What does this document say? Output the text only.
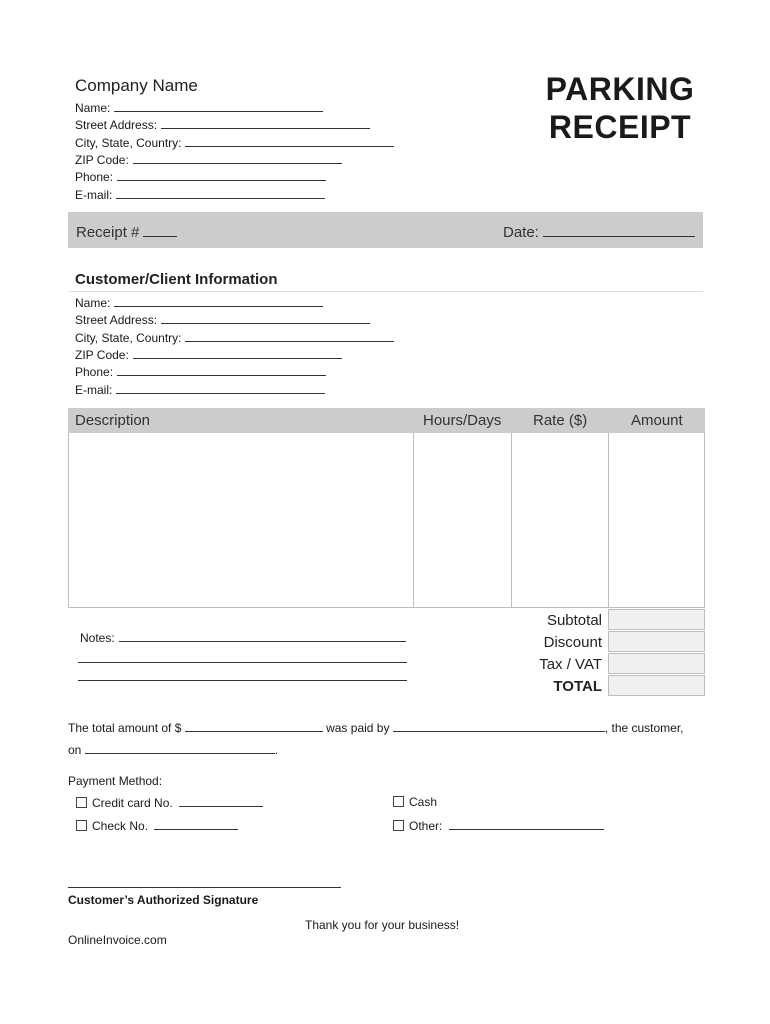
Company Name
Name:
Street Address:
City, State, Country:
ZIP Code:
Phone:
E-mail:
PARKING
RECEIPT
Receipt #	Date:
Customer/Client Information
Name:
Street Address:
City, State, Country:
ZIP Code:
Phone:
E-mail:
Description	Hours/Days Rate ($)	Amount
Subtotal
Discount
Tax / VAT
TOTAL
Notes:
The total amount of $	was paid by	, the customer,
on	.
Payment Method:
Credit card No.	Cash
Check No.	Other:
Customer’s Authorized Signature
Thank you for your business!
OnlineInvoice.com
